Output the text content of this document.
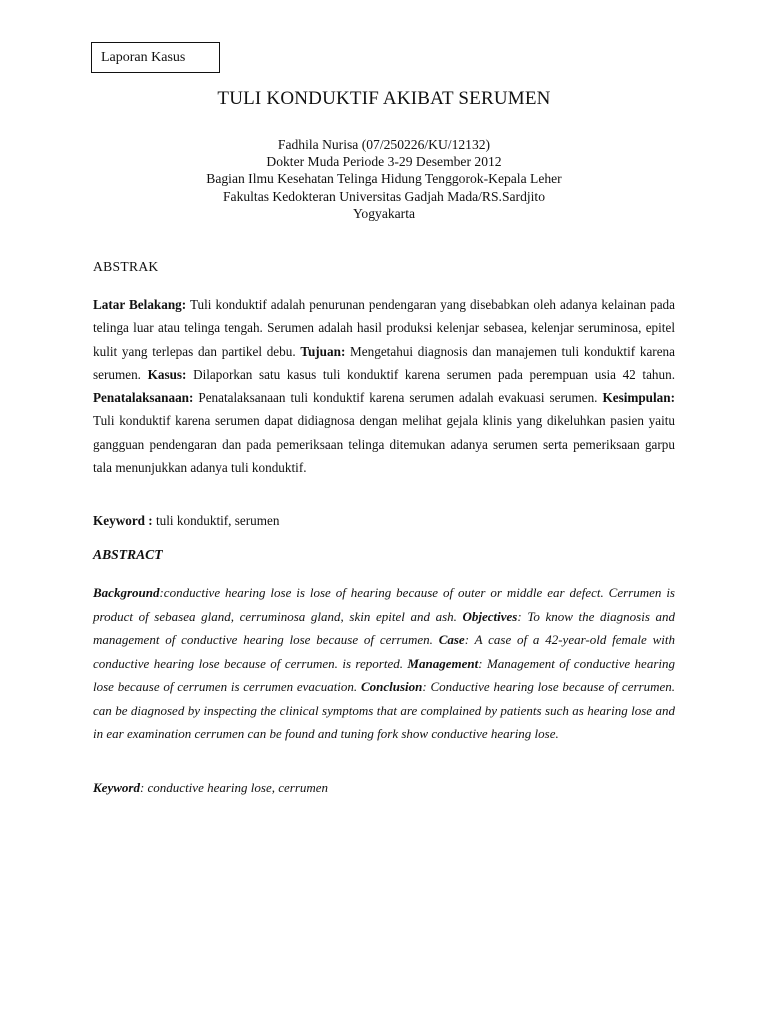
Laporan Kasus
TULI KONDUKTIF AKIBAT SERUMEN
Fadhila Nurisa (07/250226/KU/12132)
Dokter Muda Periode 3-29 Desember 2012
Bagian Ilmu Kesehatan Telinga Hidung Tenggorok-Kepala Leher
Fakultas Kedokteran Universitas Gadjah Mada/RS.Sardjito
Yogyakarta
ABSTRAK
Latar Belakang: Tuli konduktif adalah penurunan pendengaran yang disebabkan oleh adanya kelainan pada telinga luar atau telinga tengah. Serumen adalah hasil produksi kelenjar sebasea, kelenjar seruminosa, epitel kulit yang terlepas dan partikel debu. Tujuan: Mengetahui diagnosis dan manajemen tuli konduktif karena serumen. Kasus: Dilaporkan satu kasus tuli konduktif karena serumen pada perempuan usia 42 tahun. Penatalaksanaan: Penatalaksanaan tuli konduktif karena serumen adalah evakuasi serumen. Kesimpulan: Tuli konduktif karena serumen dapat didiagnosa dengan melihat gejala klinis yang dikeluhkan pasien yaitu gangguan pendengaran dan pada pemeriksaan telinga ditemukan adanya serumen serta pemeriksaan garpu tala menunjukkan adanya tuli konduktif.
Keyword : tuli konduktif, serumen
ABSTRACT
Background:conductive hearing lose is lose of hearing because of outer or middle ear defect. Cerrumen is product of sebasea gland, cerruminosa gland, skin epitel and ash. Objectives: To know the diagnosis and management of conductive hearing lose because of cerrumen. Case: A case of a 42-year-old female with conductive hearing lose because of cerrumen. is reported. Management: Management of conductive hearing lose because of cerrumen is cerrumen evacuation. Conclusion: Conductive hearing lose because of cerrumen. can be diagnosed by inspecting the clinical symptoms that are complained by patients such as hearing lose and in ear examination cerrumen can be found and tuning fork show conductive hearing lose.
Keyword: conductive hearing lose, cerrumen
